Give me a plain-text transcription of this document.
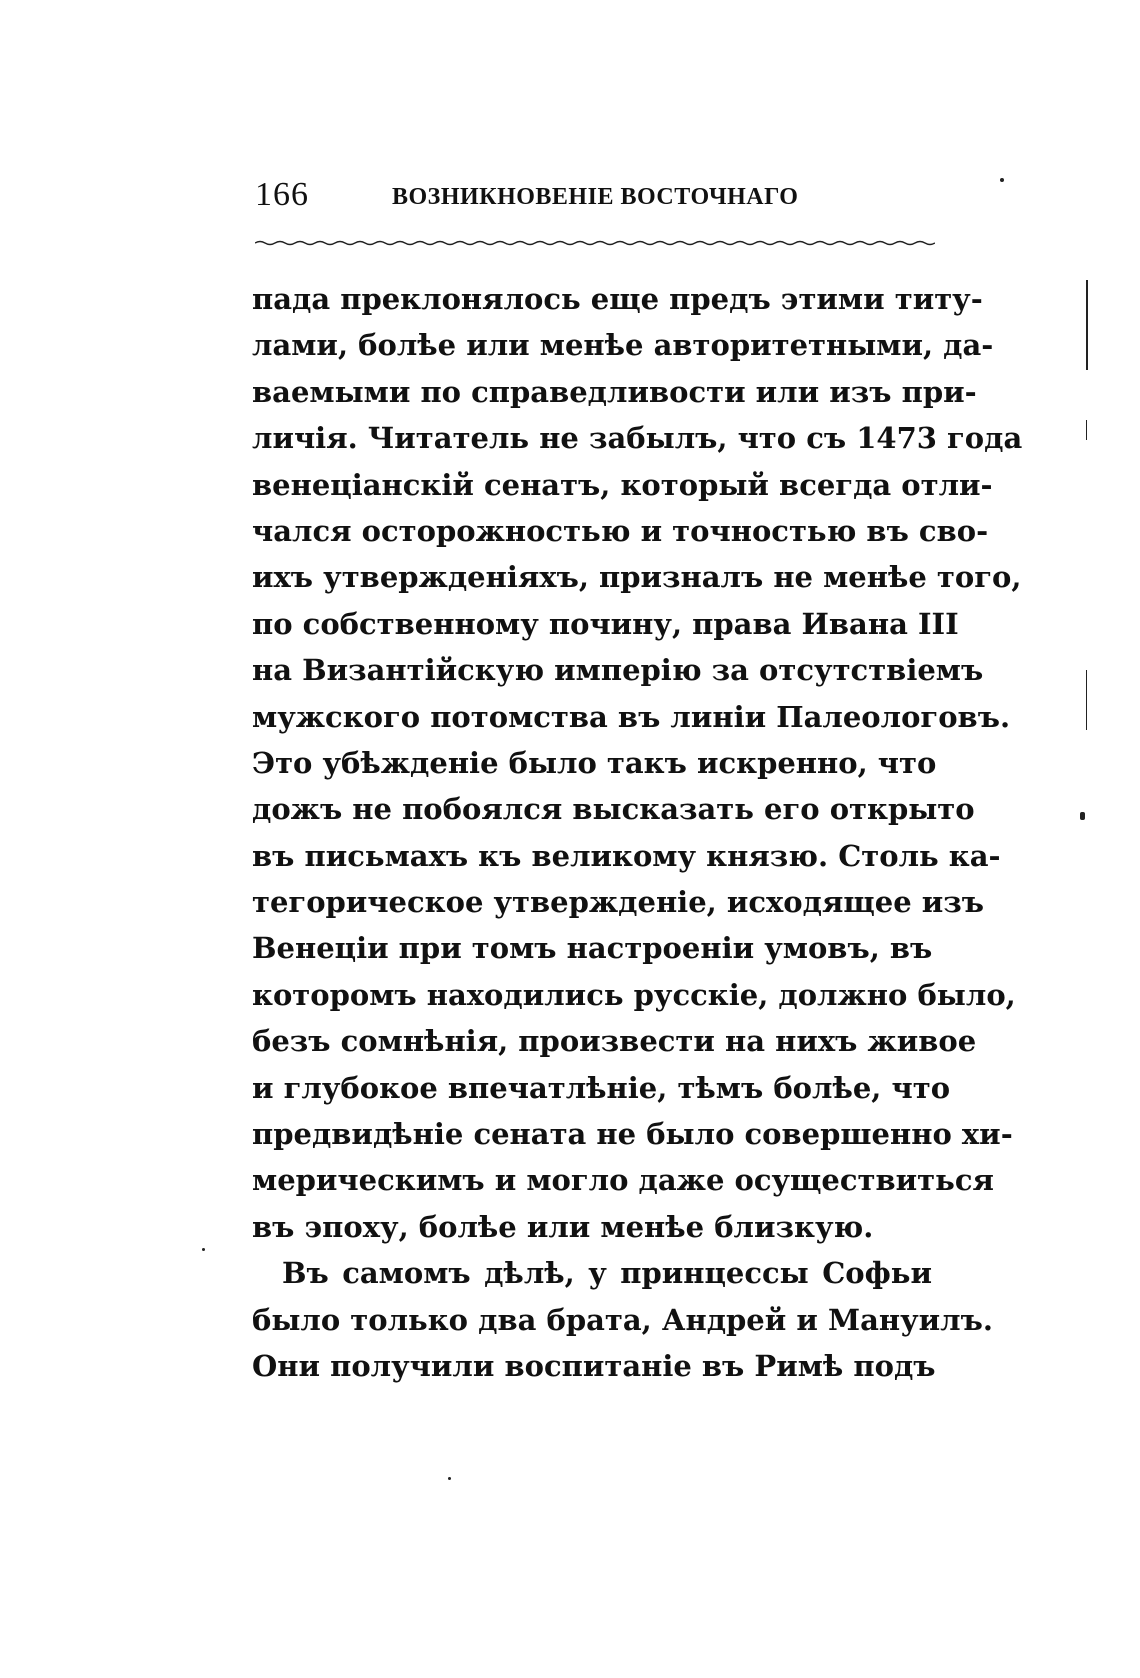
166	ВОЗНИКНОВЕНІЕ ВОСТОЧНАГО
пада преклонялось еще предъ этими титу-
лами, болѣе или менѣе авторитетными, да-
ваемыми по справедливости или изъ при-
личія. Читатель не забылъ, что съ 1473 года
венеціанскій сенатъ, который всегда отли-
чался осторожностью и точностью въ сво-
ихъ утвержденіяхъ, призналъ не менѣе того,
по собственному почину, права Ивана III
на Византійскую имперію за отсутствіемъ
мужского потомства въ линіи Палеологовъ.
Это убѣжденіе было такъ искренно, что
дожъ не побоялся высказать его открыто
въ письмахъ къ великому князю. Столь ка-
тегорическое утвержденіе, исходящее изъ
Венеціи при томъ настроеніи умовъ, въ
которомъ находились русскіе, должно было,
безъ сомнѣнія, произвести на нихъ живое
и глубокое впечатлѣніе, тѣмъ болѣе, что
предвидѣніе сената не было совершенно хи-
мерическимъ и могло даже осуществиться
въ эпоху, болѣе или менѣе близкую.
Въ самомъ дѣлѣ, у принцессы Софьи
было только два брата, Андрей и Мануилъ.
Они получили воспитаніе въ Римѣ подъ
